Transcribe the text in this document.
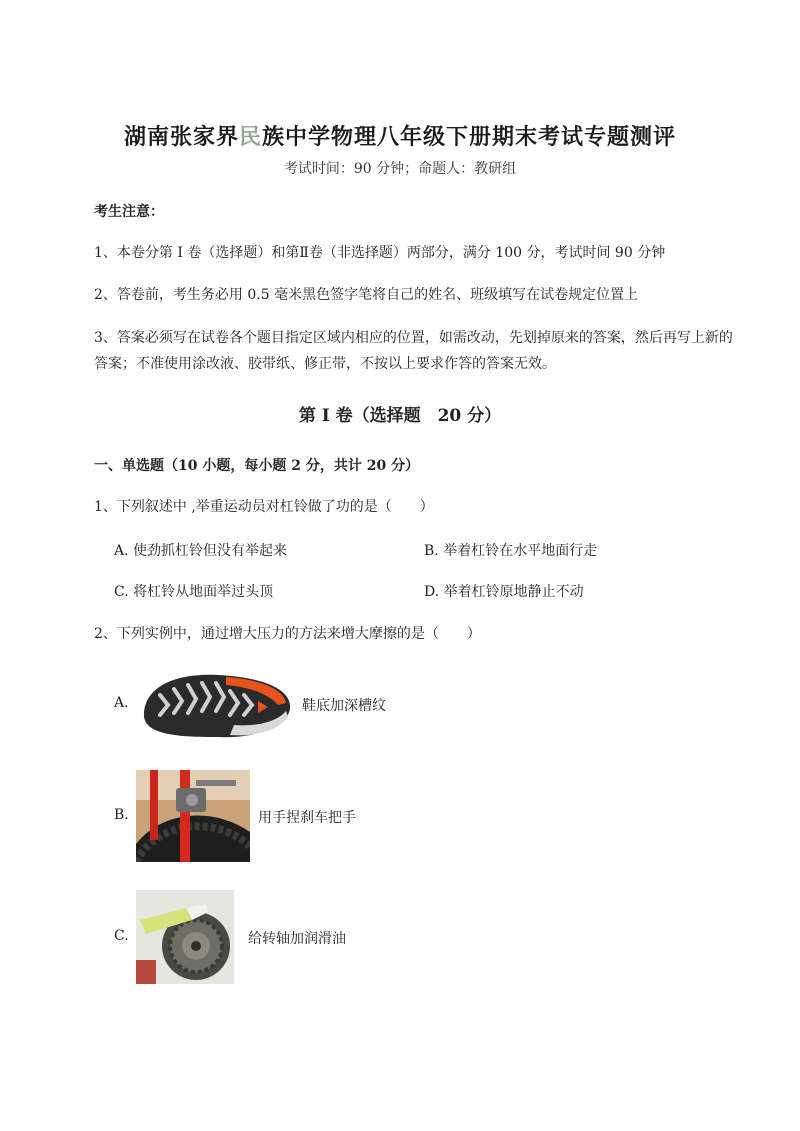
湖南张家界民族中学物理八年级下册期末考试专题测评
考试时间：90 分钟；命题人：教研组
考生注意：
1、本卷分第 I 卷（选择题）和第Ⅱ卷（非选择题）两部分，满分 100 分，考试时间 90 分钟
2、答卷前，考生务必用 0.5 毫米黑色签字笔将自己的姓名、班级填写在试卷规定位置上
3、答案必须写在试卷各个题目指定区域内相应的位置，如需改动，先划掉原来的答案，然后再写上新的答案；不准使用涂改液、胶带纸、修正带，不按以上要求作答的答案无效。
第 I 卷（选择题　20 分）
一、单选题（10 小题，每小题 2 分，共计 20 分）
1、下列叙述中 ,举重运动员对杠铃做了功的是（　　）
A. 使劲抓杠铃但没有举起来	B. 举着杠铃在水平地面行走
C. 将杠铃从地面举过头顶	D. 举着杠铃原地静止不动
2、下列实例中，通过增大压力的方法来增大摩擦的是（　　）
A.	鞋底加深槽纹
B.	用手捏刹车把手
C.	给转轴加润滑油
